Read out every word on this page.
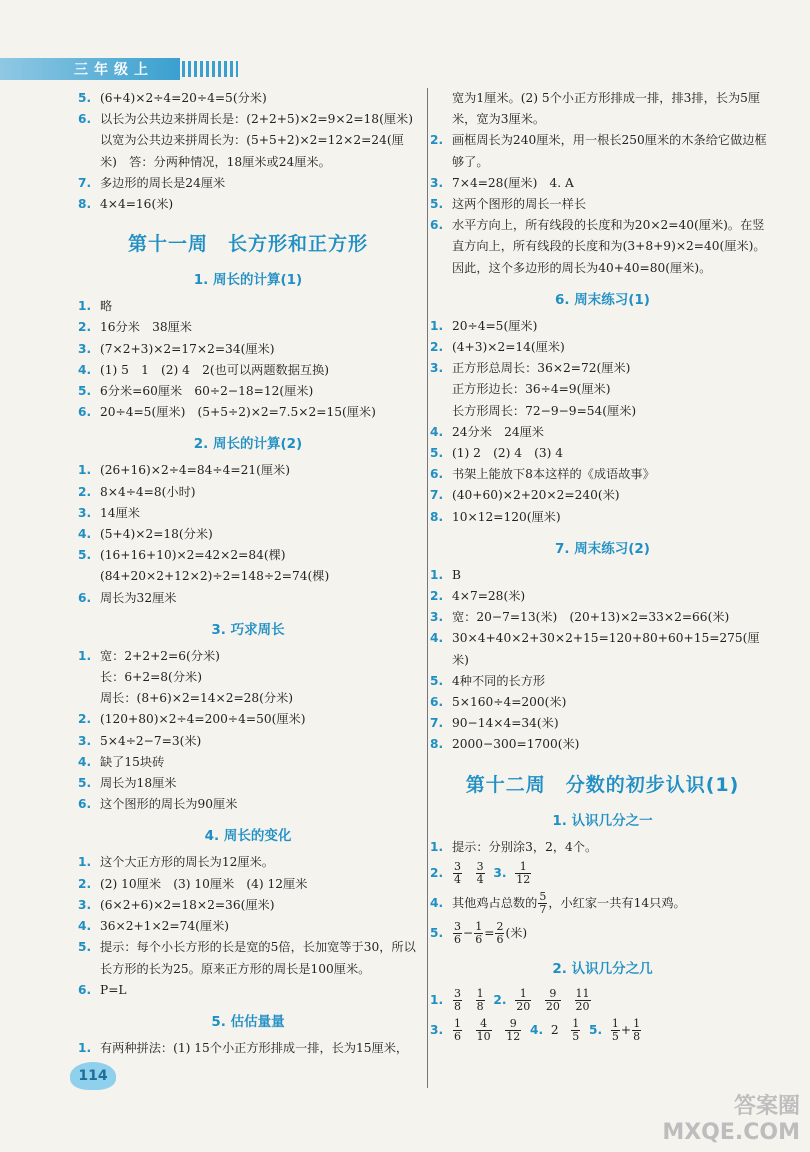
三年级上
5. (6+4)×2÷4=20÷4=5(分米)
6. 以长为公共边来拼周长是：(2+2+5)×2=9×2=18(厘米)　以宽为公共边来拼周长为：(5+5+2)×2=12×2=24(厘米)　答：分两种情况，18厘米或24厘米。
7. 多边形的周长是24厘米
8. 4×4=16(米)
第十一周　长方形和正方形
1. 周长的计算(1)
1. 略
2. 16分米　38厘米
3. (7×2+3)×2=17×2=34(厘米)
4. (1) 5　1　(2) 4　2(也可以两题数据互换)
5. 6分米=60厘米　60÷2−18=12(厘米)
6. 20÷4=5(厘米)　(5+5÷2)×2=7.5×2=15(厘米)
2. 周长的计算(2)
1. (26+16)×2÷4=84÷4=21(厘米)
2. 8×4÷4=8(小时)
3. 14厘米
4. (5+4)×2=18(分米)
5. (16+16+10)×2=42×2=84(棵)
(84+20×2+12×2)÷2=148÷2=74(棵)
6. 周长为32厘米
3. 巧求周长
1. 宽：2+2+2=6(分米)
长：6+2=8(分米)
周长：(8+6)×2=14×2=28(分米)
2. (120+80)×2÷4=200÷4=50(厘米)
3. 5×4÷2−7=3(米)
4. 缺了15块砖
5. 周长为18厘米
6. 这个图形的周长为90厘米
4. 周长的变化
1. 这个大正方形的周长为12厘米。
2. (2) 10厘米　(3) 10厘米　(4) 12厘米
3. (6×2+6)×2=18×2=36(厘米)
4. 36×2+1×2=74(厘米)
5. 提示：每个小长方形的长是宽的5倍，长加宽等于30，所以长方形的长为25。原来正方形的周长是100厘米。
6. P=L
5. 估估量量
1. 有两种拼法：(1) 15个小正方形排成一排，长为15厘米，
宽为1厘米。(2) 5个小正方形排成一排，排3排，长为5厘米，宽为3厘米。
2. 画框周长为240厘米，用一根长250厘米的木条给它做边框够了。
3. 7×4=28(厘米)　4. A
5. 这两个图形的周长一样长
6. 水平方向上，所有线段的长度和为20×2=40(厘米)。在竖直方向上，所有线段的长度和为(3+8+9)×2=40(厘米)。因此，这个多边形的周长为40+40=80(厘米)。
6. 周末练习(1)
1. 20÷4=5(厘米)
2. (4+3)×2=14(厘米)
3. 正方形总周长：36×2=72(厘米)
正方形边长：36÷4=9(厘米)
长方形周长：72−9−9=54(厘米)
4. 24分米　24厘米
5. (1) 2　(2) 4　(3) 4
6. 书架上能放下8本这样的《成语故事》
7. (40+60)×2+20×2=240(米)
8. 10×12=120(厘米)
7. 周末练习(2)
1. B
2. 4×7=28(米)
3. 宽：20−7=13(米)　(20+13)×2=33×2=66(米)
4. 30×4+40×2+30×2+15=120+80+60+15=275(厘米)
5. 4种不同的长方形
6. 5×160÷4=200(米)
7. 90−14×4=34(米)
8. 2000−300=1700(米)
第十二周　分数的初步认识(1)
1. 认识几分之一
1. 提示：分别涂3，2，4个。
2. $\frac{3}{4}$
$\frac{3}{4} 3$. $\frac{1}{12}$
4. 其他鸡占总数的 $\frac{5}{7}$ ，小红家一共有14只鸡。
5. $\frac{3}{6} - \frac{1}{6} = \frac{2}{6}$ (米)
2. 认识几分之几
1. $\frac{3}{8}$
$\frac{1}{8} 2$. $\frac{1}{20}$
$\frac{9}{20}$
$\frac{11}{20}$
3. $\frac{1}{6}$
$\frac{4}{10}$
$\frac{9}{12} 4$. $2 \frac{1}{5} 5$. $\frac{1}{5} + \frac{1}{8}$
114
答案圈
MXQE.COM
